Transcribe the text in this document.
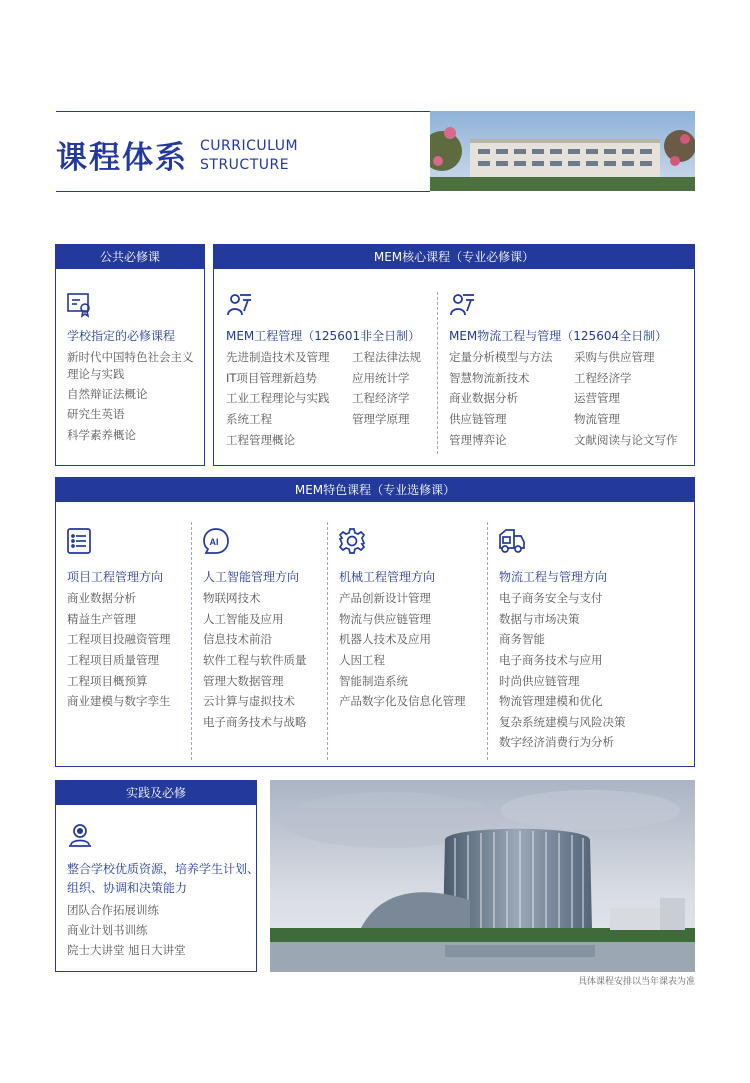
课程体系 CURRICULUM
STRUCTURE
公共必修课
学校指定的必修课程
新时代中国特色社会主义理论与实践
自然辩证法概论
研究生英语
科学素养概论
MEM核心课程（专业必修课）
MEM工程管理（125601非全日制）
先进制造技术及管理
IT项目管理新趋势
工业工程理论与实践
系统工程
工程管理概论
工程法律法规
应用统计学
工程经济学
管理学原理
MEM物流工程与管理（125604全日制）
定量分析模型与方法
智慧物流新技术
商业数据分析
供应链管理
管理博弈论
采购与供应管理
工程经济学
运营管理
物流管理
文献阅读与论文写作
MEM特色课程（专业选修课）
项目工程管理方向
商业数据分析
精益生产管理
工程项目投融资管理
工程项目质量管理
工程项目概预算
商业建模与数字孪生
AI
人工智能管理方向
物联网技术
人工智能及应用
信息技术前沿
软件工程与软件质量
管理大数据管理
云计算与虚拟技术
电子商务技术与战略
机械工程管理方向
产品创新设计管理
物流与供应链管理
机器人技术及应用
人因工程
智能制造系统
产品数字化及信息化管理
物流工程与管理方向
电子商务安全与支付
数据与市场决策
商务智能
电子商务技术与应用
时尚供应链管理
物流管理建模和优化
复杂系统建模与风险决策
数字经济消费行为分析
实践及必修
整合学校优质资源，培养学生计划、
组织、协调和决策能力
团队合作拓展训练
商业计划书训练
院士大讲堂 旭日大讲堂
具体课程安排以当年课表为准
